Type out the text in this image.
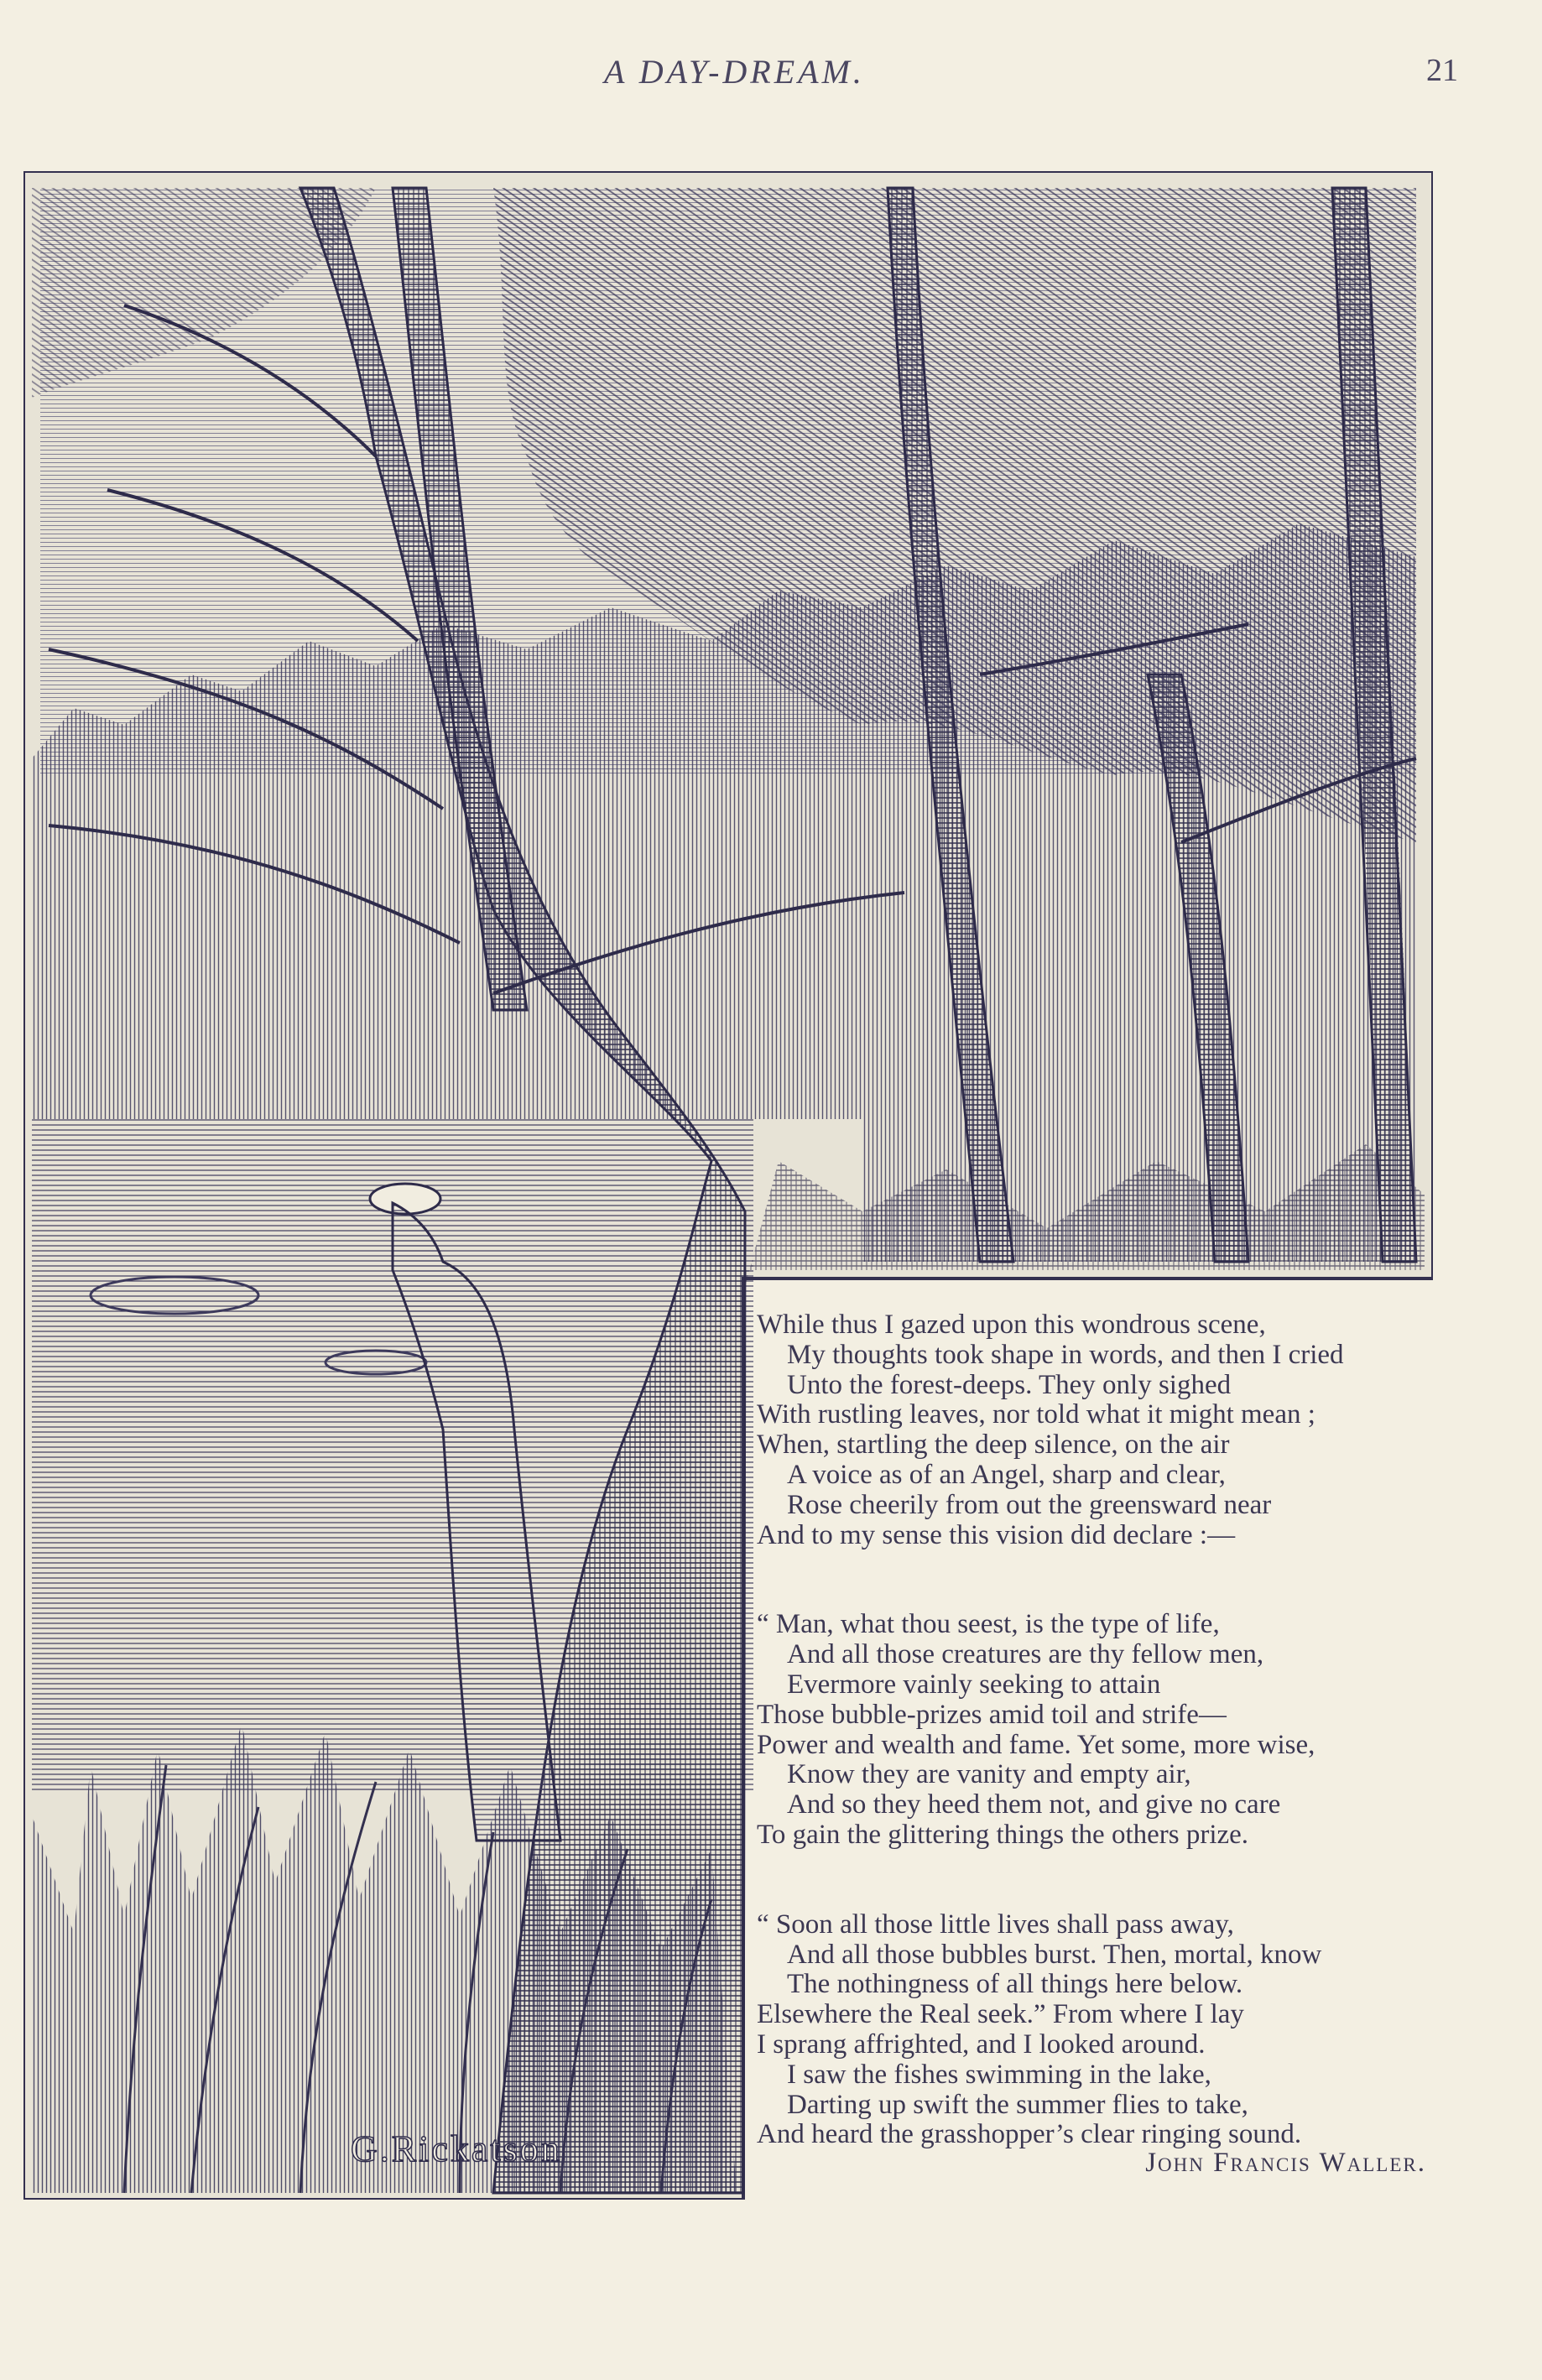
A DAY-DREAM.	21
G.Rickatson
While thus I gazed upon this wondrous scene,
My thoughts took shape in words, and then I cried
Unto the forest-deeps. They only sighed
With rustling leaves, nor told what it might mean ;
When, startling the deep silence, on the air
A voice as of an Angel, sharp and clear,
Rose cheerily from out the greensward near
And to my sense this vision did declare :—
“ Man, what thou seest, is the type of life,
And all those creatures are thy fellow men,
Evermore vainly seeking to attain
Those bubble-prizes amid toil and strife—
Power and wealth and fame. Yet some, more wise,
Know they are vanity and empty air,
And so they heed them not, and give no care
To gain the glittering things the others prize.
“ Soon all those little lives shall pass away,
And all those bubbles burst. Then, mortal, know
The nothingness of all things here below.
Elsewhere the Real seek.” From where I lay
I sprang affrighted, and I looked around.
I saw the fishes swimming in the lake,
Darting up swift the summer flies to take,
And heard the grasshopper’s clear ringing sound.
John Francis Waller.
